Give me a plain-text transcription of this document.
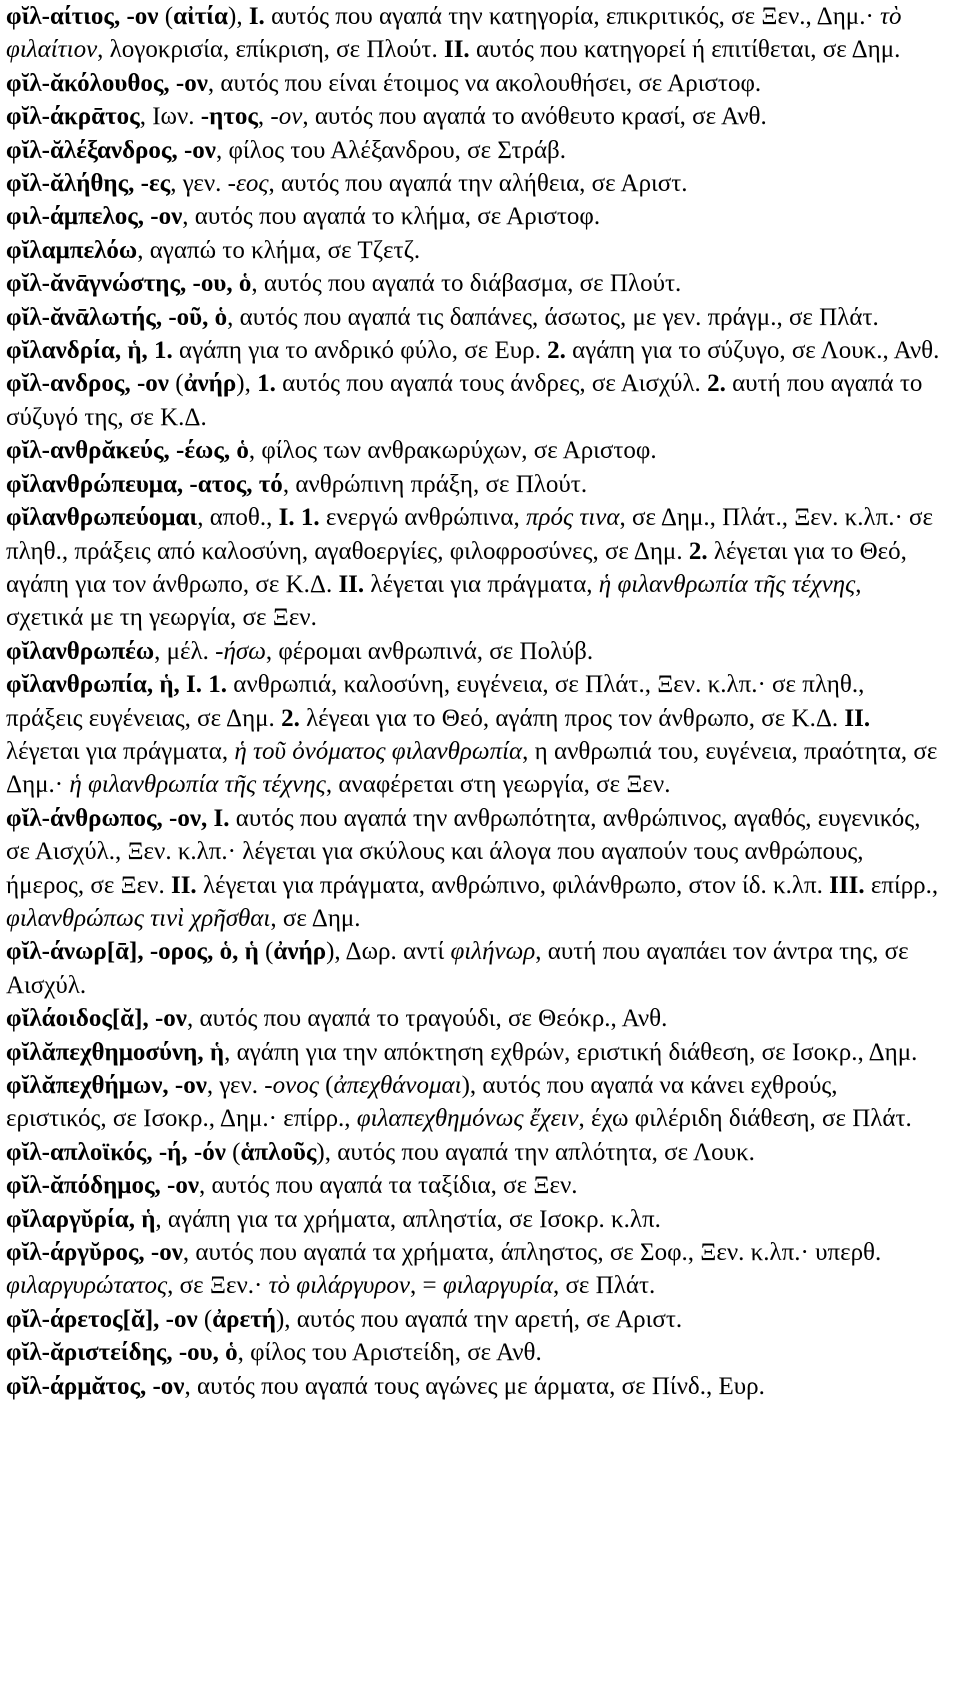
φῐλ-αίτιος, -ον (αἰτία), I. αυτός που αγαπά την κατηγορία, επικριτικός, σε Ξεν., Δημ.· τὸ φιλαίτιον, λογοκρισία, επίκριση, σε Πλούτ. II. αυτός που κατηγορεί ή επιτίθεται, σε Δημ.

φῐλ-ᾰκόλουθος, -ον, αυτός που είναι έτοιμος να ακολουθήσει, σε Αριστοφ.

φῐλ-άκρᾱτος, Ιων. -ητος, -ον, αυτός που αγαπά το ανόθευτο κρασί, σε Ανθ.

φῐλ-ᾰλέξανδρος, -ον, φίλος του Αλέξανδρου, σε Στράβ.

φῐλ-ᾰλήθης, -ες, γεν. -εος, αυτός που αγαπά την αλήθεια, σε Αριστ.

φιλ-άμπελος, -ον, αυτός που αγαπά το κλήμα, σε Αριστοφ.

φῐλαμπελόω, αγαπώ το κλήμα, σε Τζετζ.

φῐλ-ᾰνᾱγνώστης, -ου, ὁ, αυτός που αγαπά το διάβασμα, σε Πλούτ.

φῐλ-ᾰνᾱλωτής, -οῦ, ὁ, αυτός που αγαπά τις δαπάνες, άσωτος, με γεν. πράγμ., σε Πλάτ.

φῐλανδρία, ἡ, 1. αγάπη για το ανδρικό φύλο, σε Ευρ. 2. αγάπη για το σύζυγο, σε Λουκ., Ανθ.

φῐλ-ανδρος, -ον (ἀνήρ), 1. αυτός που αγαπά τους άνδρες, σε Αισχύλ. 2. αυτή που αγαπά το σύζυγό της, σε Κ.Δ.

φῐλ-ανθρᾰκεύς, -έως, ὁ, φίλος των ανθρακωρύχων, σε Αριστοφ.

φῐλανθρώπευμα, -ατος, τό, ανθρώπινη πράξη, σε Πλούτ.

φῐλανθρωπεύομαι, αποθ., I. 1. ενεργώ ανθρώπινα, πρός τινα, σε Δημ., Πλάτ., Ξεν. κ.λπ.· σε πληθ., πράξεις από καλοσύνη, αγαθοεργίες, φιλοφροσύνες, σε Δημ. 2. λέγεται για το Θεό, αγάπη για τον άνθρωπο, σε Κ.Δ. II. λέγεται για πράγματα, ἡ φιλανθρωπία τῆς τέχνης, σχετικά με τη γεωργία, σε Ξεν.

φῐλανθρωπέω, μέλ. -ήσω, φέρομαι ανθρωπινά, σε Πολύβ.

φῐλανθρωπία, ἡ, I. 1. ανθρωπιά, καλοσύνη, ευγένεια, σε Πλάτ., Ξεν. κ.λπ.· σε πληθ., πράξεις ευγένειας, σε Δημ. 2. λέγεαι για το Θεό, αγάπη προς τον άνθρωπο, σε Κ.Δ. II. λέγεται για πράγματα, ἡ τοῦ ὀνόματος φιλανθρωπία, η ανθρωπιά του, ευγένεια, πραότητα, σε Δημ.· ἡ φιλανθρωπία τῆς τέχνης, αναφέρεται στη γεωργία, σε Ξεν.

φῐλ-άνθρωπος, -ον, I. αυτός που αγαπά την ανθρωπότητα, ανθρώπινος, αγαθός, ευγενικός, σε Αισχύλ., Ξεν. κ.λπ.· λέγεται για σκύλους και άλογα που αγαπούν τους ανθρώπους, ήμερος, σε Ξεν. II. λέγεται για πράγματα, ανθρώπινο, φιλάνθρωπο, στον ίδ. κ.λπ. III. επίρρ., φιλανθρώπως τινὶ χρῆσθαι, σε Δημ.

φῐλ-άνωρ[ᾱ], -ορος, ὁ, ἡ (ἀνήρ), Δωρ. αντί φιλήνωρ, αυτή που αγαπάει τον άντρα της, σε Αισχύλ.

φῐλάοιδος[ᾰ], -ον, αυτός που αγαπά το τραγούδι, σε Θεόκρ., Ανθ.

φῐλᾰπεχθημοσύνη, ἡ, αγάπη για την απόκτηση εχθρών, εριστική διάθεση, σε Ισοκρ., Δημ.

φῐλᾰπεχθήμων, -ον, γεν. -ονος (ἀπεχθάνομαι), αυτός που αγαπά να κάνει εχθρούς, εριστικός, σε Ισοκρ., Δημ.· επίρρ., φιλαπεχθημόνως ἔχειν, έχω φιλέριδη διάθεση, σε Πλάτ.

φῐλ-απλοϊκός, -ή, -όν (ἁπλοῦς), αυτός που αγαπά την απλότητα, σε Λουκ.

φῐλ-ᾰπόδημος, -ον, αυτός που αγαπά τα ταξίδια, σε Ξεν.

φῐλαργῠρία, ἡ, αγάπη για τα χρήματα, απληστία, σε Ισοκρ. κ.λπ.

φῐλ-άργῠρος, -ον, αυτός που αγαπά τα χρήματα, άπληστος, σε Σοφ., Ξεν. κ.λπ.· υπερθ. φιλαργυρώτατος, σε Ξεν.· τὸ φιλάργυρον, = φιλαργυρία, σε Πλάτ.

φῐλ-άρετος[ᾰ], -ον (ἀρετή), αυτός που αγαπά την αρετή, σε Αριστ.

φῐλ-ᾰριστείδης, -ου, ὁ, φίλος του Αριστείδη, σε Ανθ.

φῐλ-άρμᾰτος, -ον, αυτός που αγαπά τους αγώνες με άρματα, σε Πίνδ., Ευρ.
